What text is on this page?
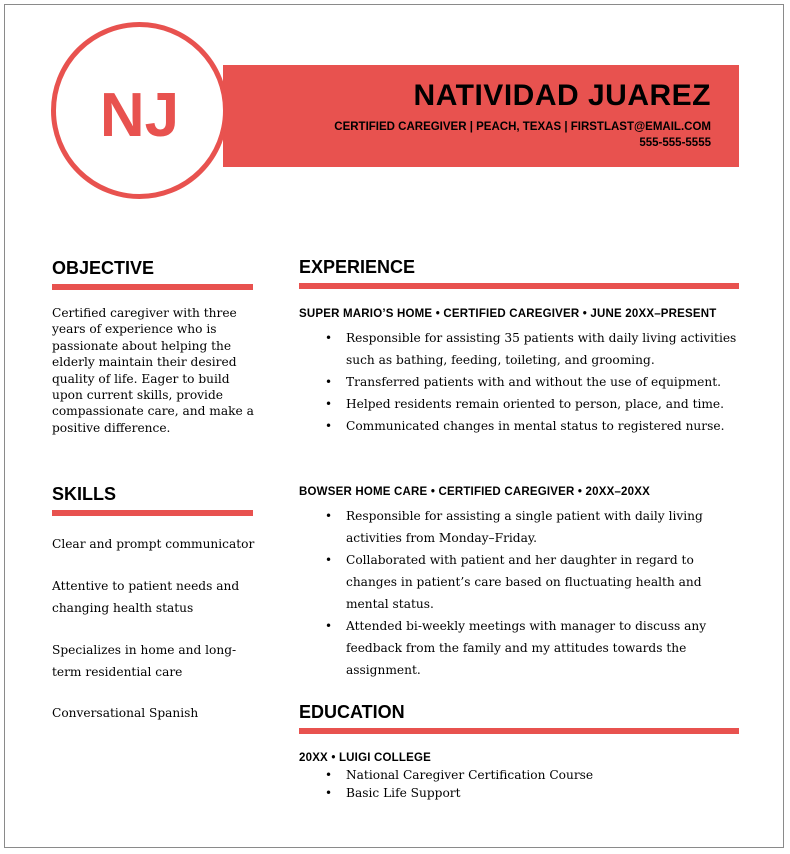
NATIVIDAD JUAREZ
CERTIFIED CAREGIVER | PEACH, TEXAS | FIRSTLAST@EMAIL.COM
555-555-5555
NJ
OBJECTIVE

Certified caregiver with three years of experience who is passionate about helping the elderly maintain their desired quality of life. Eager to build upon current skills, provide compassionate care, and make a positive difference.

SKILLS

Clear and prompt communicator

Attentive to patient needs and changing health status

Specializes in home and long-term residential care

Conversational Spanish

EXPERIENCE

SUPER MARIO’S HOME • CERTIFIED CAREGIVER • JUNE 20XX–PRESENT

• Responsible for assisting 35 patients with daily living activities such as bathing, feeding, toileting, and grooming.
• Transferred patients with and without the use of equipment.
• Helped residents remain oriented to person, place, and time.
• Communicated changes in mental status to registered nurse.

BOWSER HOME CARE • CERTIFIED CAREGIVER • 20XX–20XX

• Responsible for assisting a single patient with daily living activities from Monday–Friday.
• Collaborated with patient and her daughter in regard to changes in patient’s care based on fluctuating health and mental status.
• Attended bi-weekly meetings with manager to discuss any feedback from the family and my attitudes towards the assignment.
EDUCATION

20XX • LUIGI COLLEGE

• National Caregiver Certification Course
• Basic Life Support
